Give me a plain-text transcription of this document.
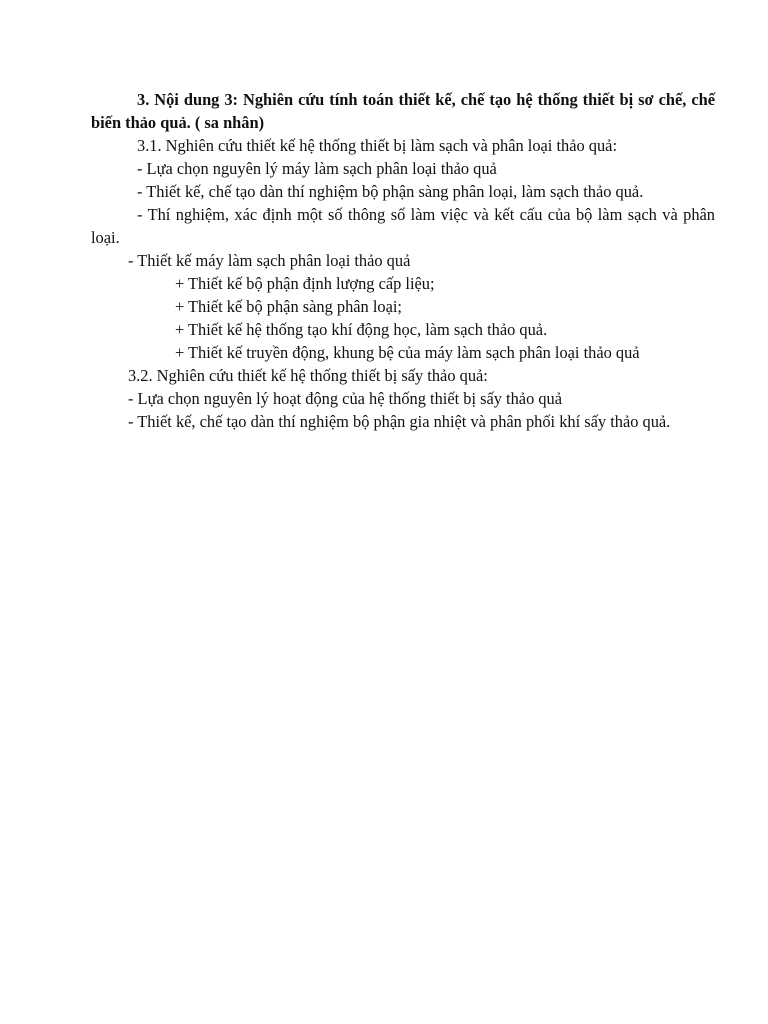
3. Nội dung 3: Nghiên cứu tính toán thiết kế, chế tạo hệ thống thiết bị sơ chế, chế biến thảo quả. ( sa nhân)
3.1. Nghiên cứu thiết kế hệ thống thiết bị làm sạch và phân loại thảo quả:
- Lựa chọn nguyên lý máy làm sạch phân loại thảo quả
- Thiết kế, chế tạo dàn thí nghiệm bộ phận sàng phân loại, làm sạch thảo quả.
- Thí nghiệm, xác định một số thông số làm việc và kết cấu của bộ làm sạch và phân loại.
- Thiết kế máy làm sạch phân loại thảo quả
+ Thiết kế bộ phận định lượng cấp liệu;
+ Thiết kế bộ phận sàng phân loại;
+ Thiết kế hệ thống tạo khí động học, làm sạch thảo quả.
+ Thiết kế truyền động, khung bệ của máy làm sạch phân loại thảo quả
3.2. Nghiên cứu thiết kế hệ thống thiết bị sấy thảo quả:
- Lựa chọn nguyên lý hoạt động của hệ thống thiết bị sấy thảo quả
- Thiết kế, chế tạo dàn thí nghiệm bộ phận gia nhiệt và phân phối khí sấy thảo quả.
